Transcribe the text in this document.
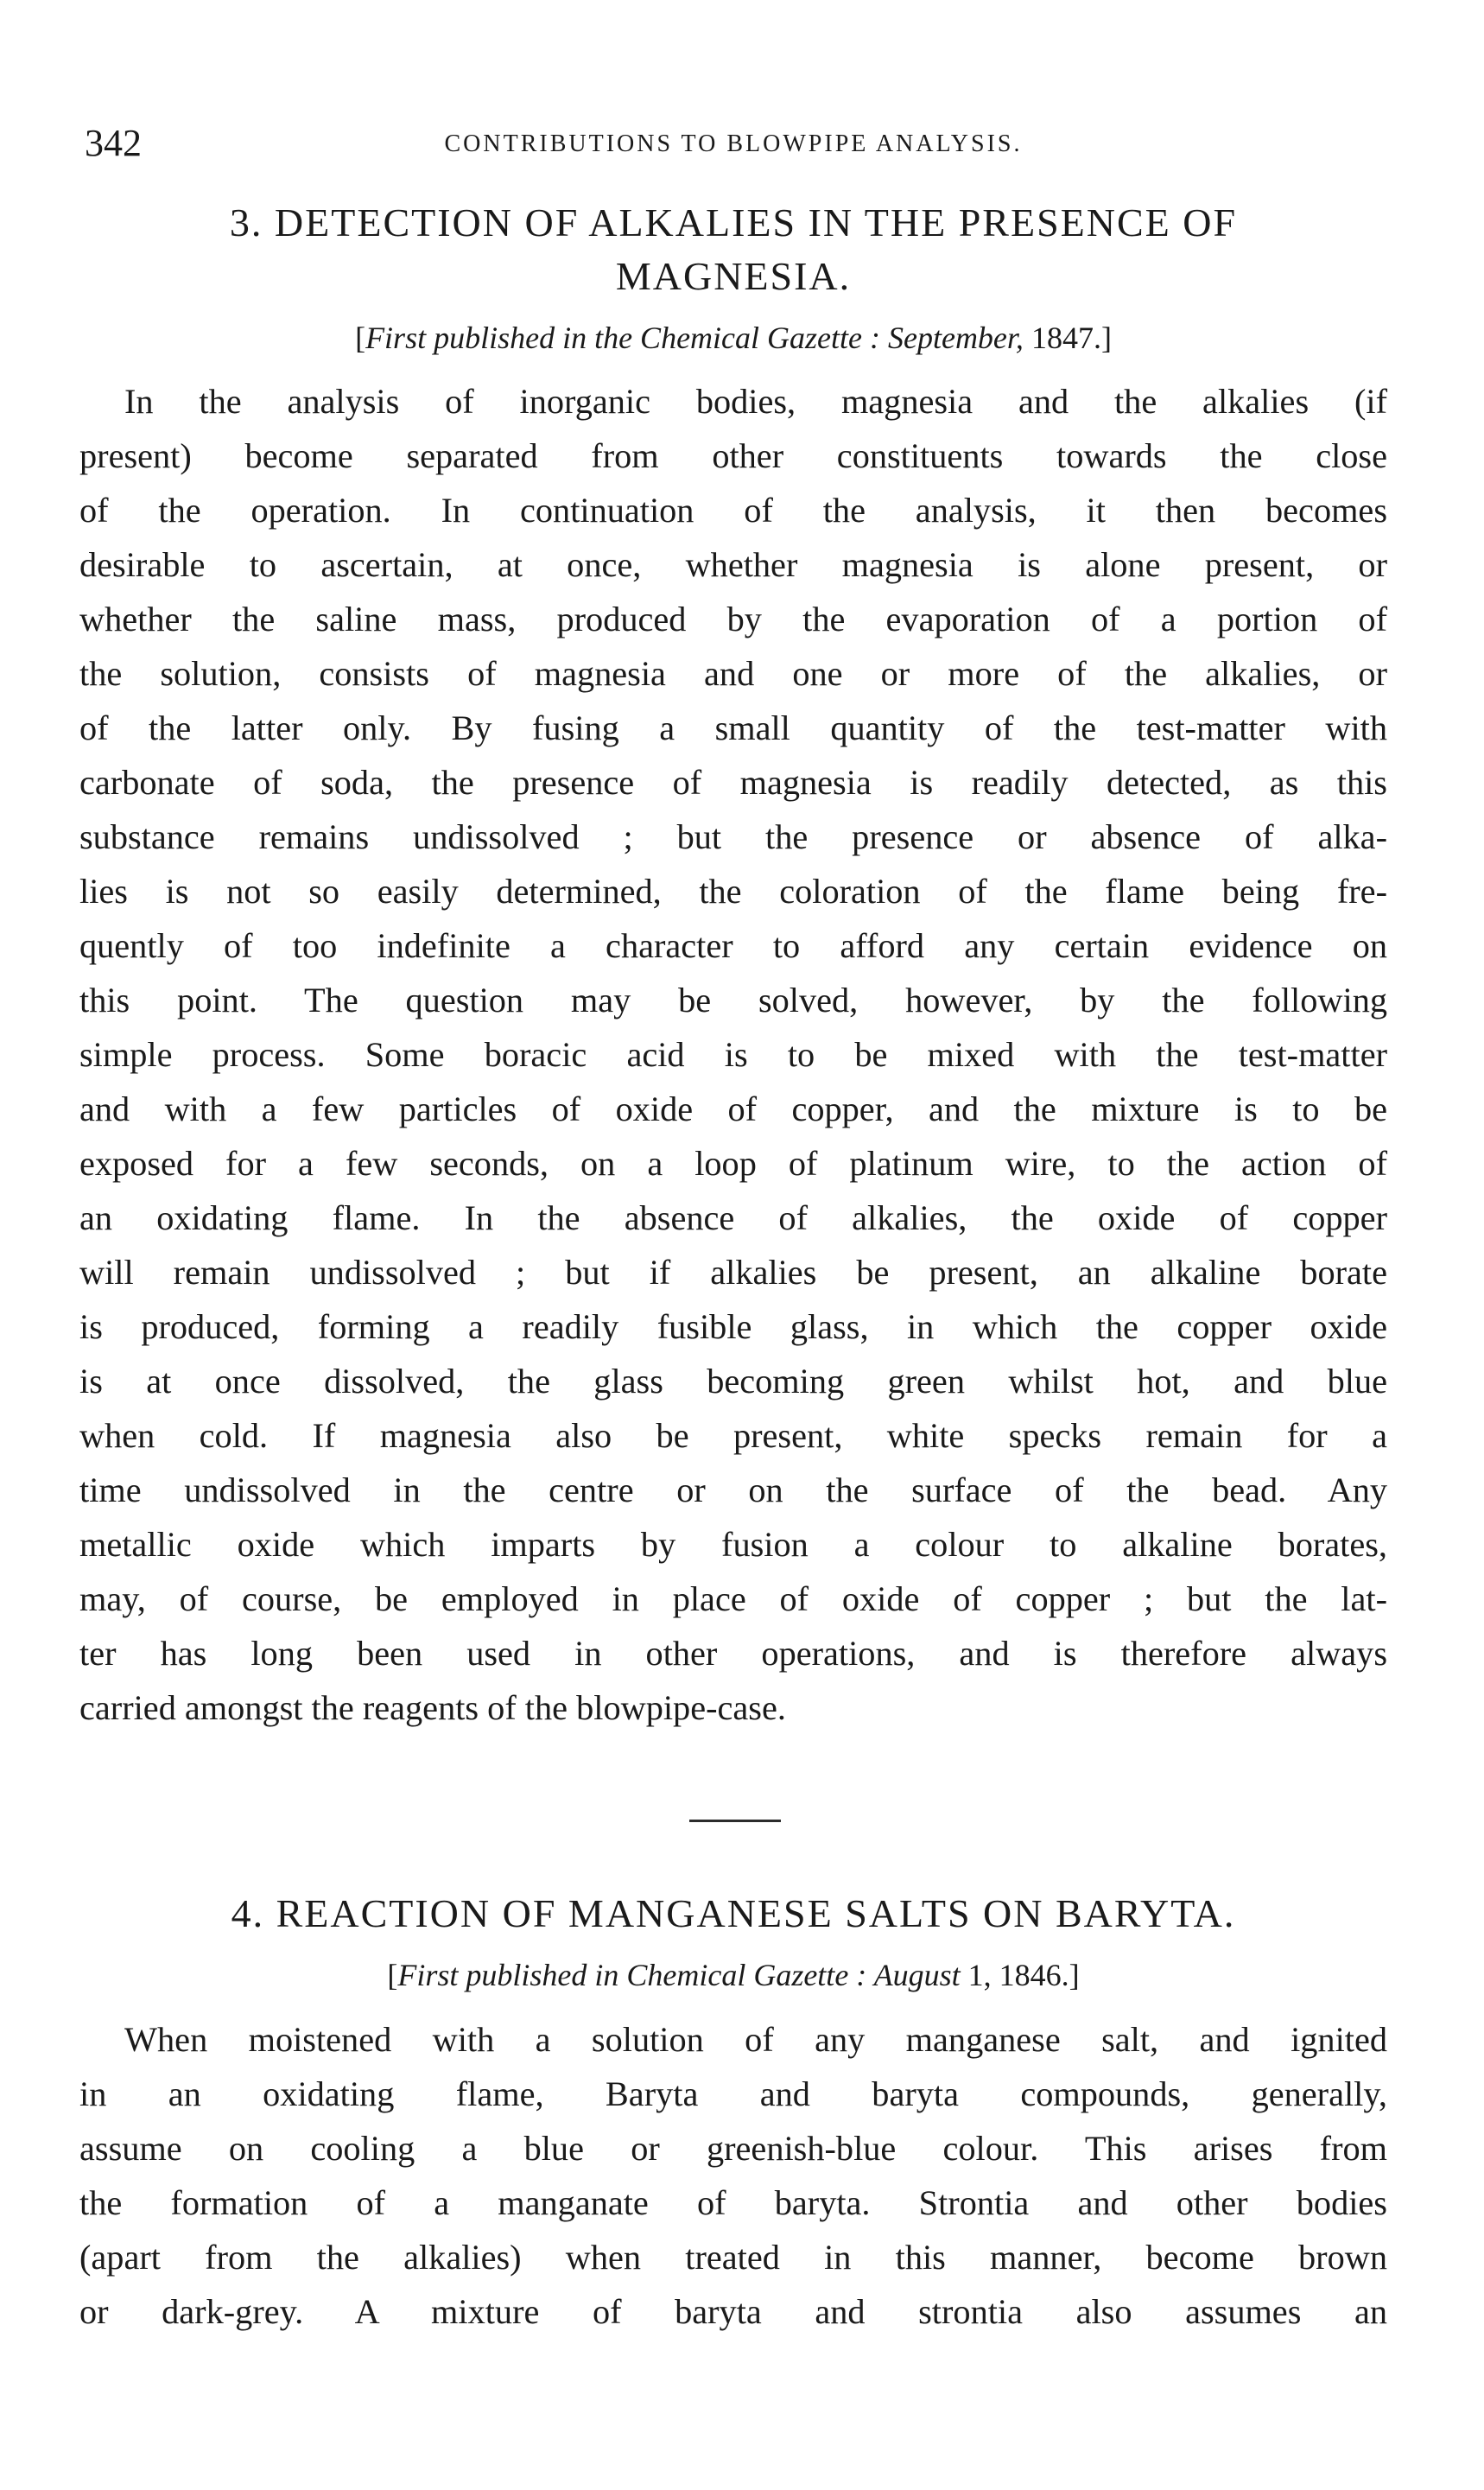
342	CONTRIBUTIONS TO BLOWPIPE ANALYSIS.
3. DETECTION OF ALKALIES IN THE PRESENCE OF
MAGNESIA.
[First published in the Chemical Gazette : September, 1847.]
In the analysis of inorganic bodies, magnesia and the alkalies (if
present) become separated from other constituents towards the close
of the operation. In continuation of the analysis, it then becomes
desirable to ascertain, at once, whether magnesia is alone present, or
whether the saline mass, produced by the evaporation of a portion of
the solution, consists of magnesia and one or more of the alkalies, or
of the latter only. By fusing a small quantity of the test-matter with
carbonate of soda, the presence of magnesia is readily detected, as this
substance remains undissolved ; but the presence or absence of alka-
lies is not so easily determined, the coloration of the flame being fre-
quently of too indefinite a character to afford any certain evidence on
this point. The question may be solved, however, by the following
simple process. Some boracic acid is to be mixed with the test-matter
and with a few particles of oxide of copper, and the mixture is to be
exposed for a few seconds, on a loop of platinum wire, to the action of
an oxidating flame. In the absence of alkalies, the oxide of copper
will remain undissolved ; but if alkalies be present, an alkaline borate
is produced, forming a readily fusible glass, in which the copper oxide
is at once dissolved, the glass becoming green whilst hot, and blue
when cold. If magnesia also be present, white specks remain for a
time undissolved in the centre or on the surface of the bead. Any
metallic oxide which imparts by fusion a colour to alkaline borates,
may, of course, be employed in place of oxide of copper ; but the lat-
ter has long been used in other operations, and is therefore always
carried amongst the reagents of the blowpipe-case.
4. REACTION OF MANGANESE SALTS ON BARYTA.
[First published in Chemical Gazette : August 1, 1846.]
When moistened with a solution of any manganese salt, and ignited
in an oxidating flame, Baryta and baryta compounds, generally,
assume on cooling a blue or greenish-blue colour. This arises from
the formation of a manganate of baryta. Strontia and other bodies
(apart from the alkalies) when treated in this manner, become brown
or dark-grey. A mixture of baryta and strontia also assumes an
